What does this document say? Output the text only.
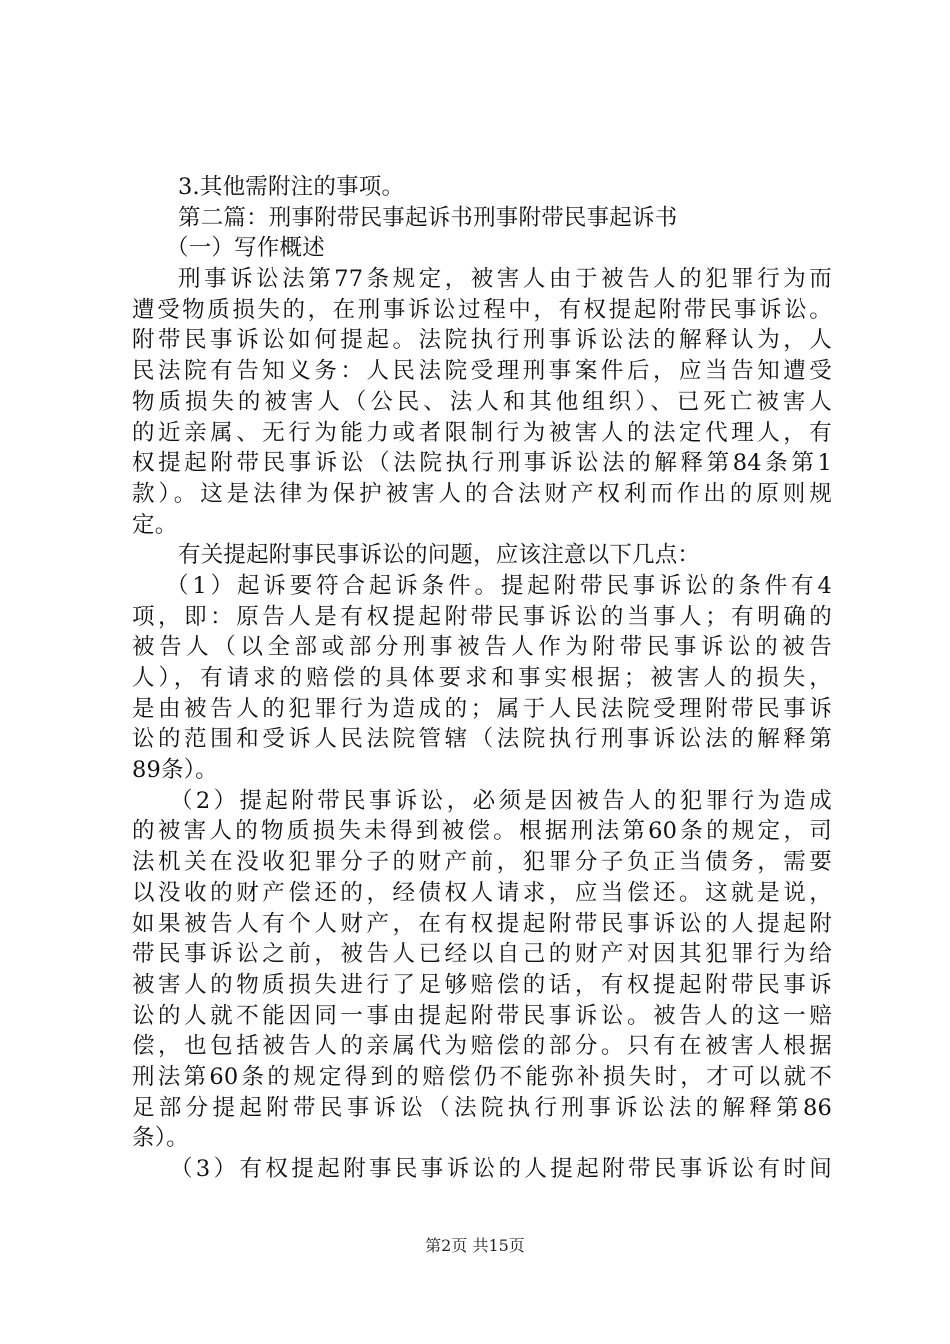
3.其他需附注的事项。
第二篇：刑事附带民事起诉书刑事附带民事起诉书
（一）写作概述
刑事诉讼法第77条规定，被害人由于被告人的犯罪行为而
遭受物质损失的，在刑事诉讼过程中，有权提起附带民事诉讼。
附带民事诉讼如何提起。法院执行刑事诉讼法的解释认为，人
民法院有告知义务：人民法院受理刑事案件后，应当告知遭受
物质损失的被害人（公民、法人和其他组织）、已死亡被害人
的近亲属、无行为能力或者限制行为被害人的法定代理人，有
权提起附带民事诉讼（法院执行刑事诉讼法的解释第84条第1
款）。这是法律为保护被害人的合法财产权利而作出的原则规
定。
有关提起附事民事诉讼的问题，应该注意以下几点：
（1）起诉要符合起诉条件。提起附带民事诉讼的条件有4
项，即：原告人是有权提起附带民事诉讼的当事人；有明确的
被告人（以全部或部分刑事被告人作为附带民事诉讼的被告
人），有请求的赔偿的具体要求和事实根据；被害人的损失，
是由被告人的犯罪行为造成的；属于人民法院受理附带民事诉
讼的范围和受诉人民法院管辖（法院执行刑事诉讼法的解释第
89条）。
（2）提起附带民事诉讼，必须是因被告人的犯罪行为造成
的被害人的物质损失未得到被偿。根据刑法第60条的规定，司
法机关在没收犯罪分子的财产前，犯罪分子负正当债务，需要
以没收的财产偿还的，经债权人请求，应当偿还。这就是说，
如果被告人有个人财产，在有权提起附带民事诉讼的人提起附
带民事诉讼之前，被告人已经以自己的财产对因其犯罪行为给
被害人的物质损失进行了足够赔偿的话，有权提起附带民事诉
讼的人就不能因同一事由提起附带民事诉讼。被告人的这一赔
偿，也包括被告人的亲属代为赔偿的部分。只有在被害人根据
刑法第60条的规定得到的赔偿仍不能弥补损失时，才可以就不
足部分提起附带民事诉讼（法院执行刑事诉讼法的解释第86
条）。
（3）有权提起附事民事诉讼的人提起附带民事诉讼有时间
第2页 共15页
